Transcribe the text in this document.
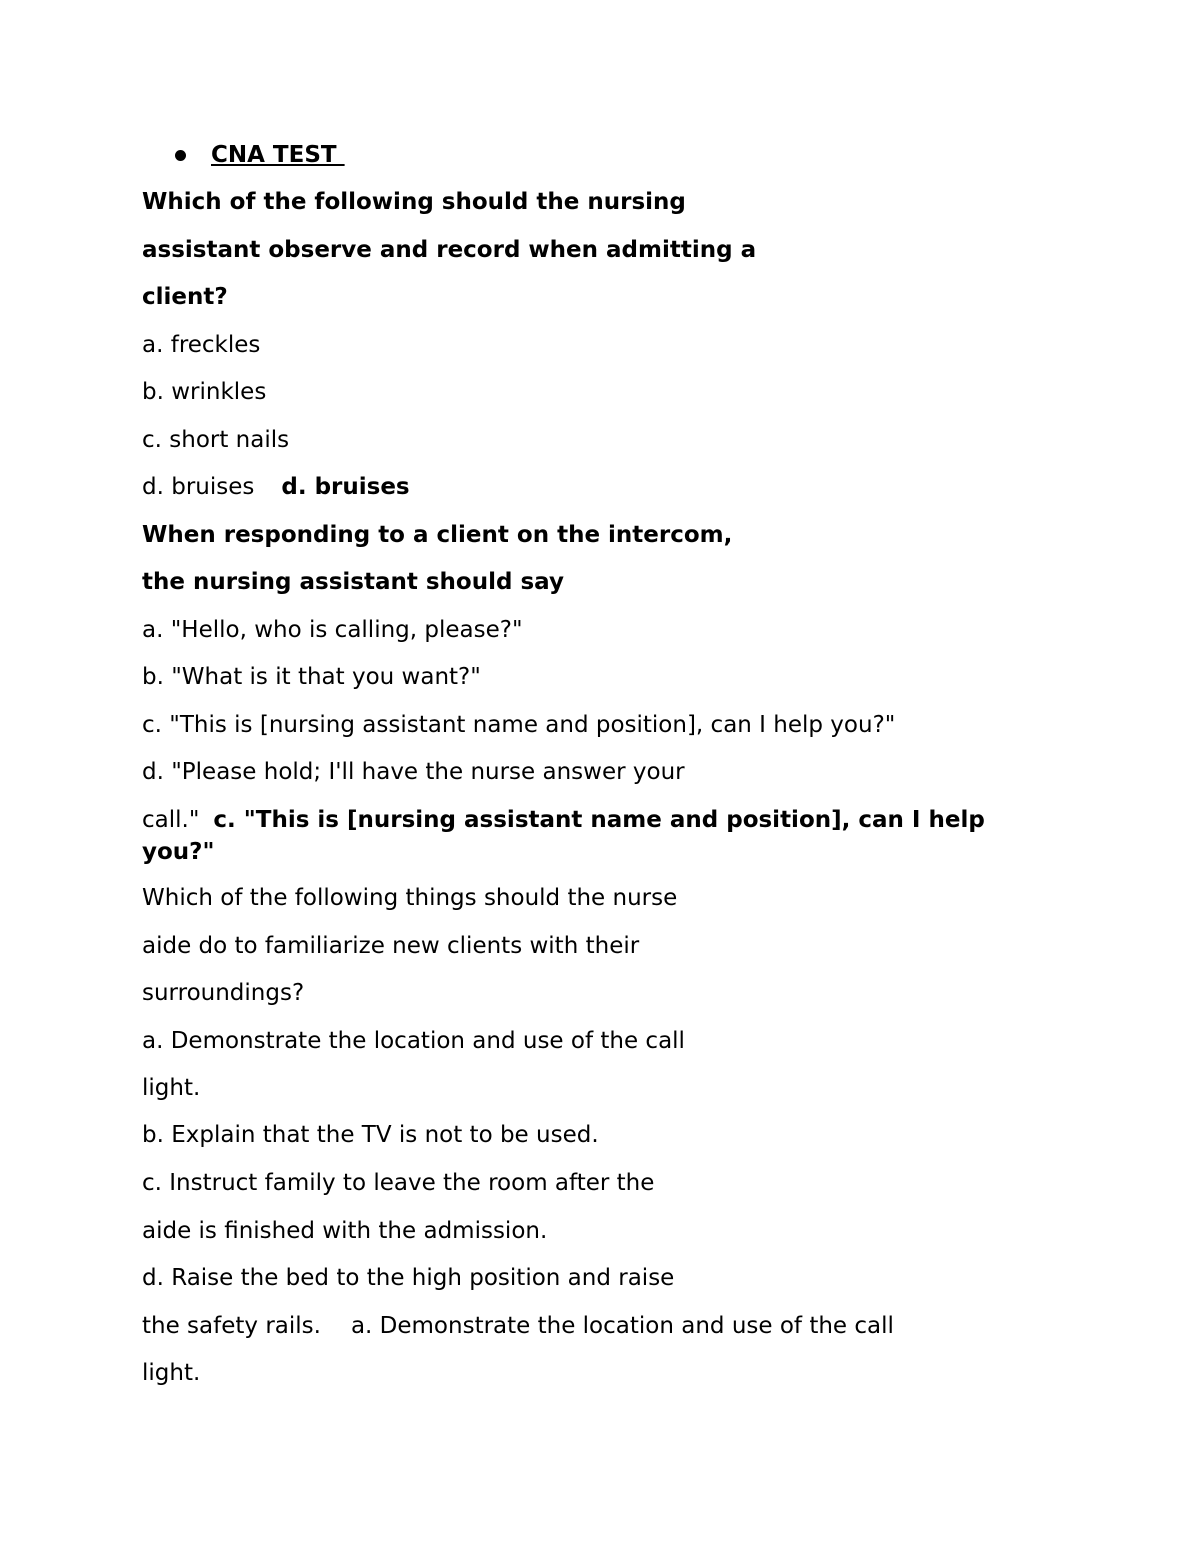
CNA TEST
Which of the following should the nursing
assistant observe and record when admitting a
client?
a. freckles
b. wrinkles
c. short nails
d. bruises d. bruises
When responding to a client on the intercom,
the nursing assistant should say
a. "Hello, who is calling, please?"
b. "What is it that you want?"
c. "This is [nursing assistant name and position], can I help you?"
d. "Please hold; I'll have the nurse answer your
call." c. "This is [nursing assistant name and position], can I help
you?"
Which of the following things should the nurse
aide do to familiarize new clients with their
surroundings?
a. Demonstrate the location and use of the call
light.
b. Explain that the TV is not to be used.
c. Instruct family to leave the room after the
aide is finished with the admission.
d. Raise the bed to the high position and raise
the safety rails. a. Demonstrate the location and use of the call
light.
